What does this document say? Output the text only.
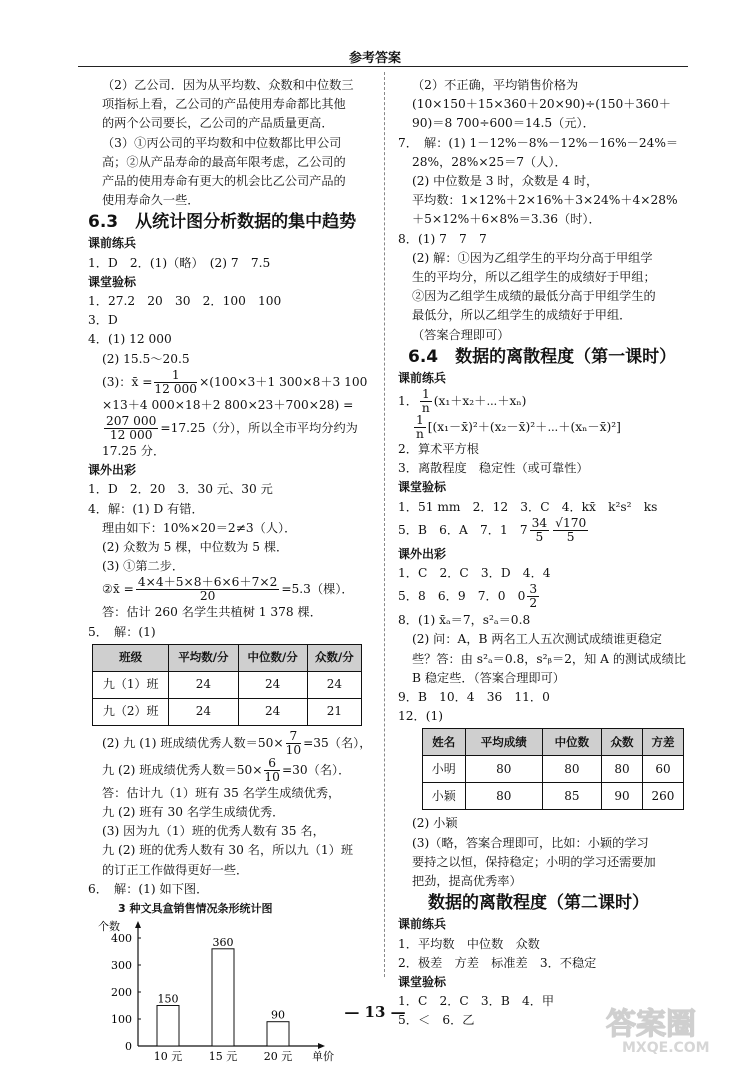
参考答案
（2）乙公司．因为从平均数、众数和中位数三
项指标上看，乙公司的产品使用寿命都比其他
的两个公司要长，乙公司的产品质量更高．
（3）①丙公司的平均数和中位数都比甲公司
高；②从产品寿命的最高年限考虑，乙公司的
产品的使用寿命有更大的机会比乙公司产品的
使用寿命久一些．
6.3　从统计图分析数据的集中趋势
课前练兵
1．D　2．(1)（略）　(2) 7　7.5
课堂验标
1．27.2　20　30　2．100　100
3．D
4．(1) 12 000
(2) 15.5～20.5
(3)：x̄ = $\frac{1}{12 000} \times(100\times 3+1$ 300×8＋3 100
×13＋4 000×18＋2 800×23＋700×28) =
$\frac{207 000}{12 000} =17.25$（分），所以全市平均分约为
17.25 分．
课外出彩
1．D　2．20　3．30 元、30 元
4．解：(1) D 有错．
理由如下：10%×20＝2≠3（人）．
(2) 众数为 5 棵，中位数为 5 棵．
(3) ①第二步．
②x̄ = $\frac{4\times 4+5\times 8+6\times 6+7\times 2}{20} =5.3$（棵）．
答：估计 260 名学生共植树 1 378 棵．
5．　解：(1)
班级	平均数/分	中位数/分	众数/分
九（1）班	24	24	24
九（2）班	24	24	21
(2) 九 (1) 班成绩优秀人数$=50\times \frac{7}{10} =35$（名），
九 (2) 班成绩优秀人数$=50\times \frac{6}{10} =30$（名）．
答：估计九（1）班有 35 名学生成绩优秀，
九 (2) 班有 30 名学生成绩优秀．
(3) 因为九（1）班的优秀人数有 35 名，
九 (2) 班的优秀人数有 30 名，所以九（1）班
的订正工作做得更好一些．
6．　解：(1) 如下图．
3 种文具盒销售情况条形统计图
个数
单价
0
100
200
300
400
150
10 元
360
15 元
90
20 元
（2）不正确，平均销售价格为
(10×150＋15×360＋20×90)÷(150＋360＋
90)＝8 700÷600＝14.5（元）．
7．　解：(1) 1－12%－8%－12%－16%－24%＝
28%，28%×25＝7（人）．
(2) 中位数是 3 时，众数是 4 时，
平均数：1×12%＋2×16%＋3×24%＋4×28%
＋5×12%＋6×8%＝3.36（时）．
8．(1) 7　7　7
(2) 解：①因为乙组学生的平均分高于甲组学
生的平均分，所以乙组学生的成绩好于甲组；
②因为乙组学生成绩的最低分高于甲组学生的
最低分，所以乙组学生的成绩好于甲组．
（答案合理即可）
6.4　数据的离散程度（第一课时）
课前练兵
1． $\frac{1}{n}$ (x₁＋x₂＋⋯＋xₙ)
$\frac{1}{n}$ [(x₁－x̄)²＋(x₂－x̄)²＋⋯＋(xₙ－x̄)²]
2．算术平方根
3．离散程度　稳定性（或可靠性）
课堂验标
1．51 mm　2．12　3．C　4．kx̄　k²s²　ks
5．B　6．A　7．1　$7 \frac{34}{5} \frac{√170}{5}$
课外出彩
1．C　2．C　3．D　4．4
5．8　6．9　7．0　$0 \frac{3}{2}$
8．(1) x̄ₐ＝7，s²ₐ＝0.8
(2) 问：A，B 两名工人五次测试成绩谁更稳定
些？答：由 s²ₐ＝0.8，s²ᵦ＝2，知 A 的测试成绩比
B 稳定些．（答案合理即可）
9．B　10．4　36　11．0
12．(1)
姓名	平均成绩	中位数	众数	方差
小明	80	80	80	60
小颖	80	85	90	260
(2) 小颖
(3)（略，答案合理即可，比如：小颖的学习
要持之以恒，保持稳定；小明的学习还需要加
把劲，提高优秀率）
数据的离散程度（第二课时）
课前练兵
1．平均数　中位数　众数
2．极差　方差　标准差　3．不稳定
课堂验标
1．C　2．C　3．B　4．甲
5．＜　6．乙
— 13 —	答案圈
MXQE.COM
